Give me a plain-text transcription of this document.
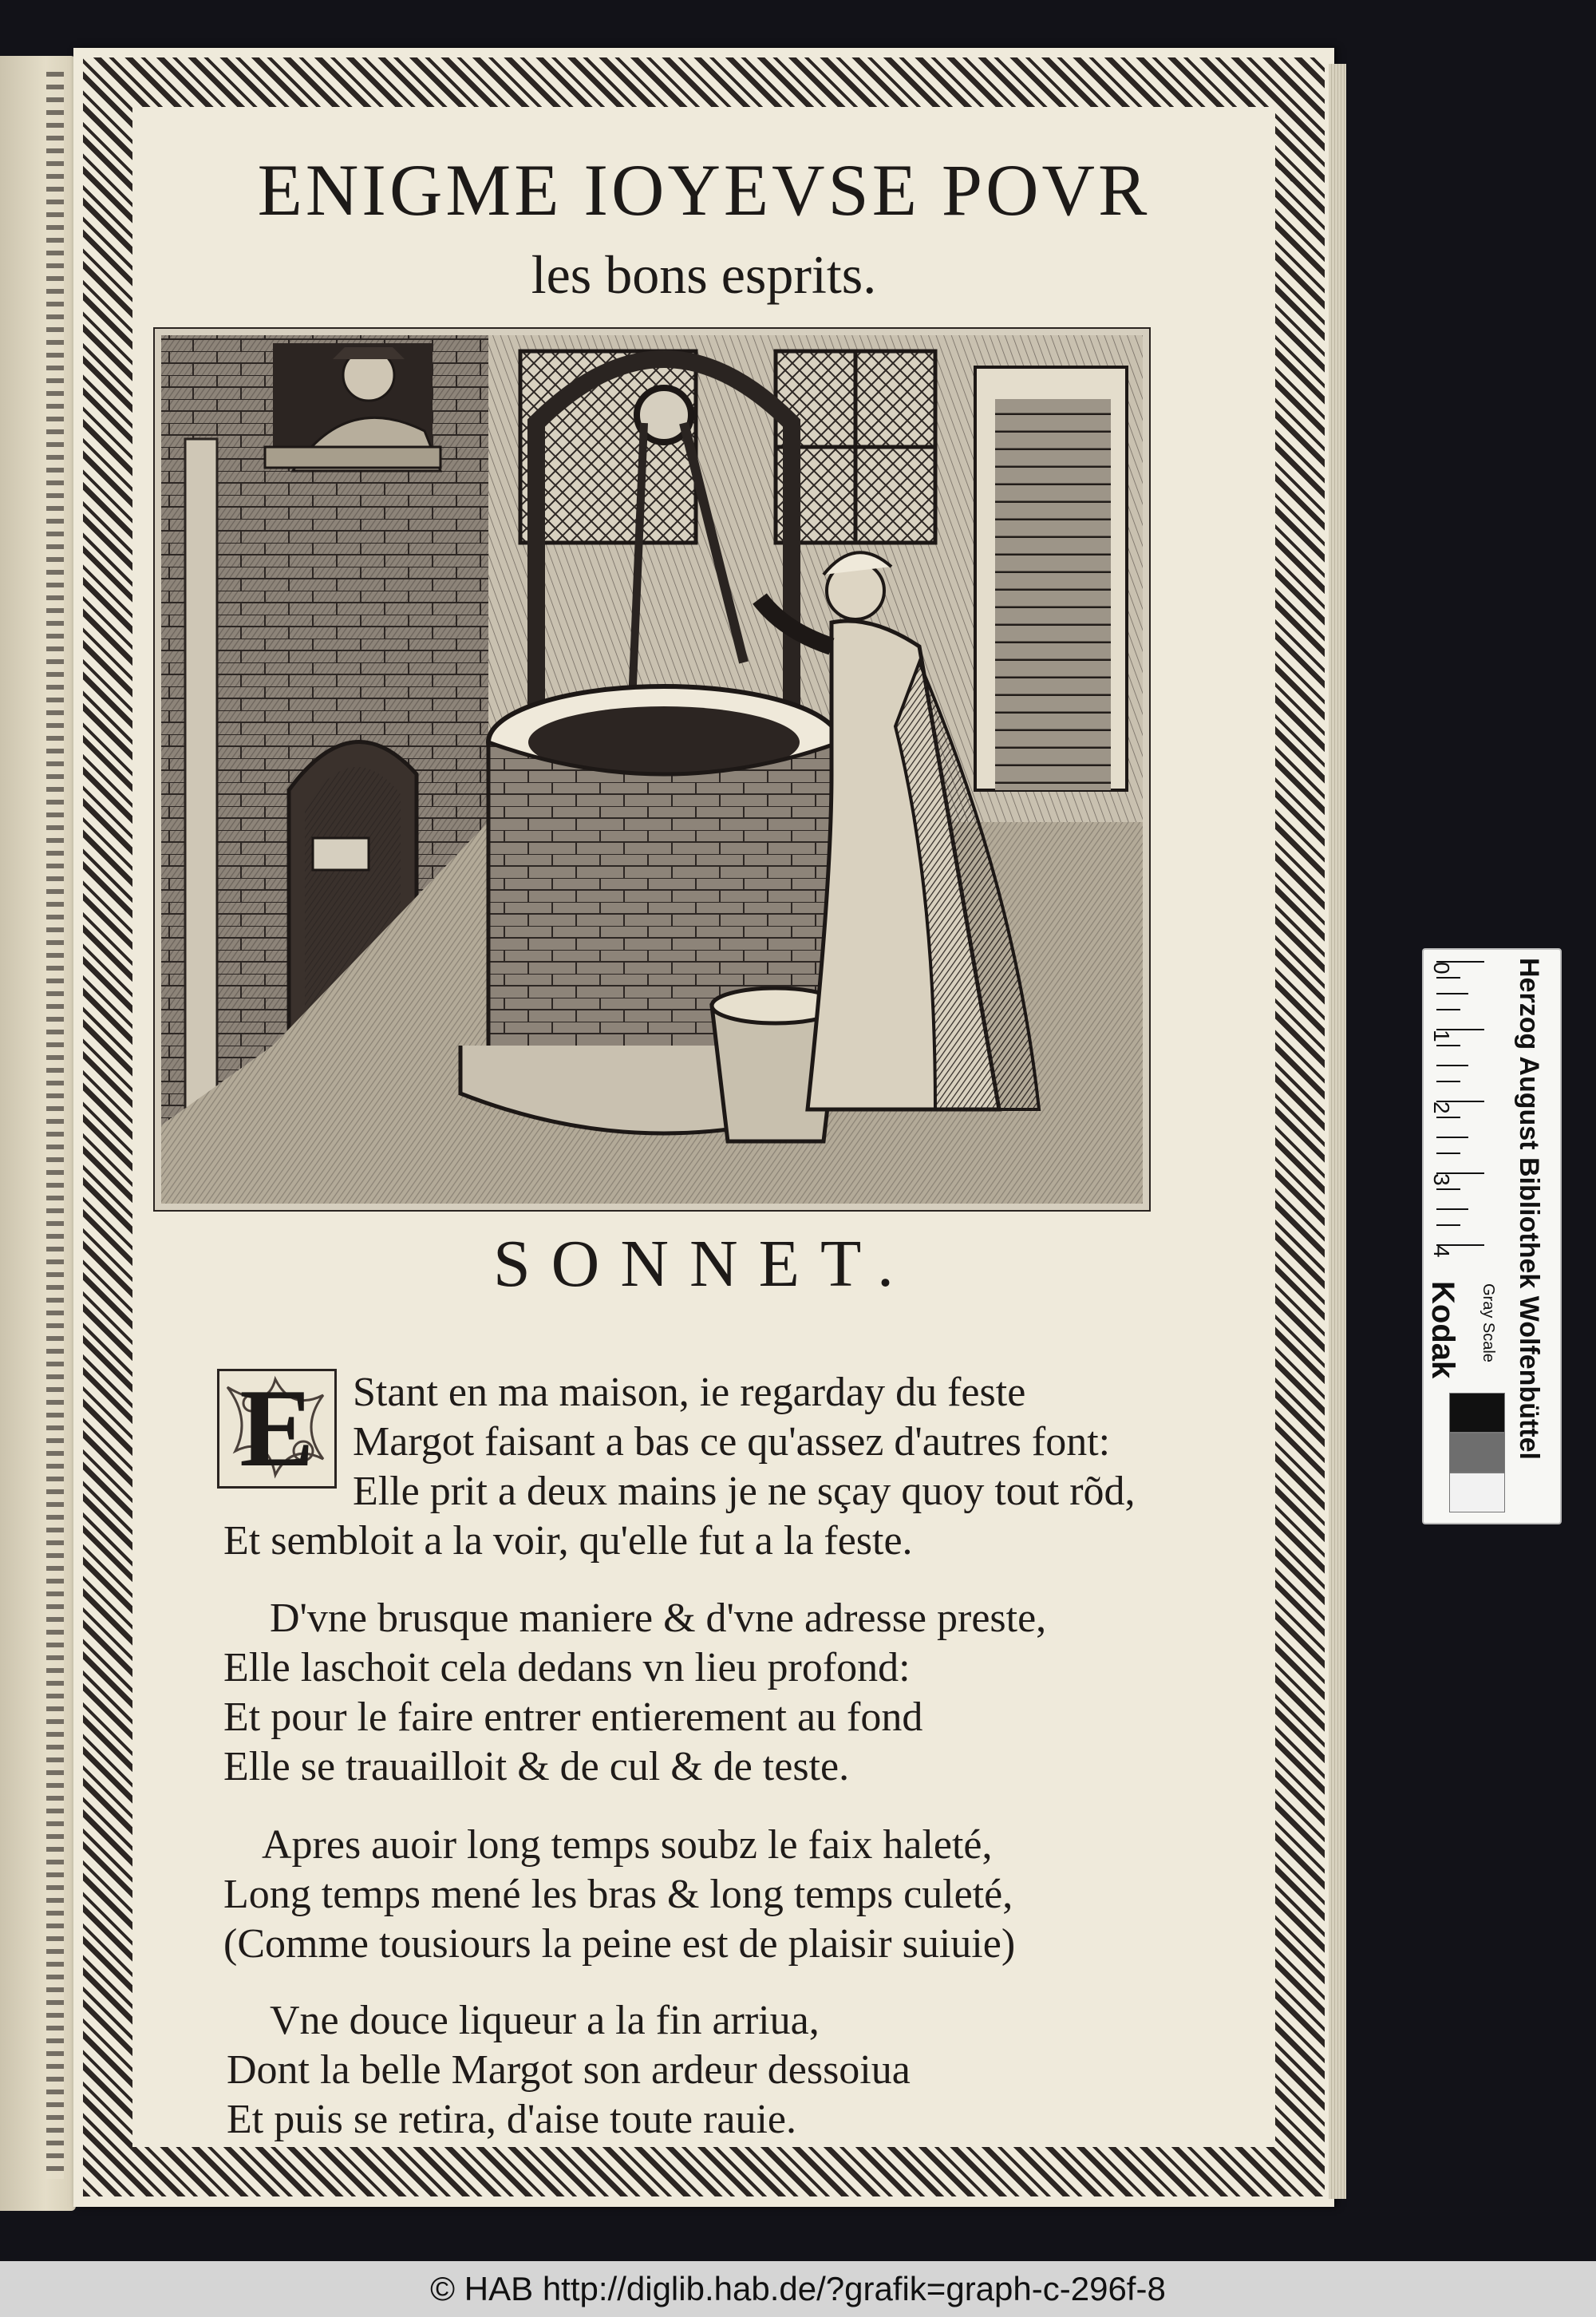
ENIGME IOYEVSE POVR
les bons esprits.
SONNET.
E Stant en ma maison, ie regarday du feste
Margot faisant a bas ce qu'assez d'autres font:
Elle prit a deux mains je ne sçay quoy tout rõd,
Et sembloit a la voir, qu'elle fut a la feste.
D'vne brusque maniere & d'vne adresse preste,
Elle laschoit cela dedans vn lieu profond:
Et pour le faire entrer entierement au fond
Elle se trauailloit & de cul & de teste.
Apres auoir long temps soubz le faix haleté,
Long temps mené les bras & long temps culeté,
(Comme tousiours la peine est de plaisir suiuie)
Vne douce liqueur a la fin arriua,
Dont la belle Margot son ardeur dessoiua
Et puis se retira, d'aise toute rauie.
Herzog August Bibliothek Wolfenbüttel
0
1
2
3
4
Kodak Gray Scale
© HAB http://diglib.hab.de/?grafik=graph-c-296f-8
